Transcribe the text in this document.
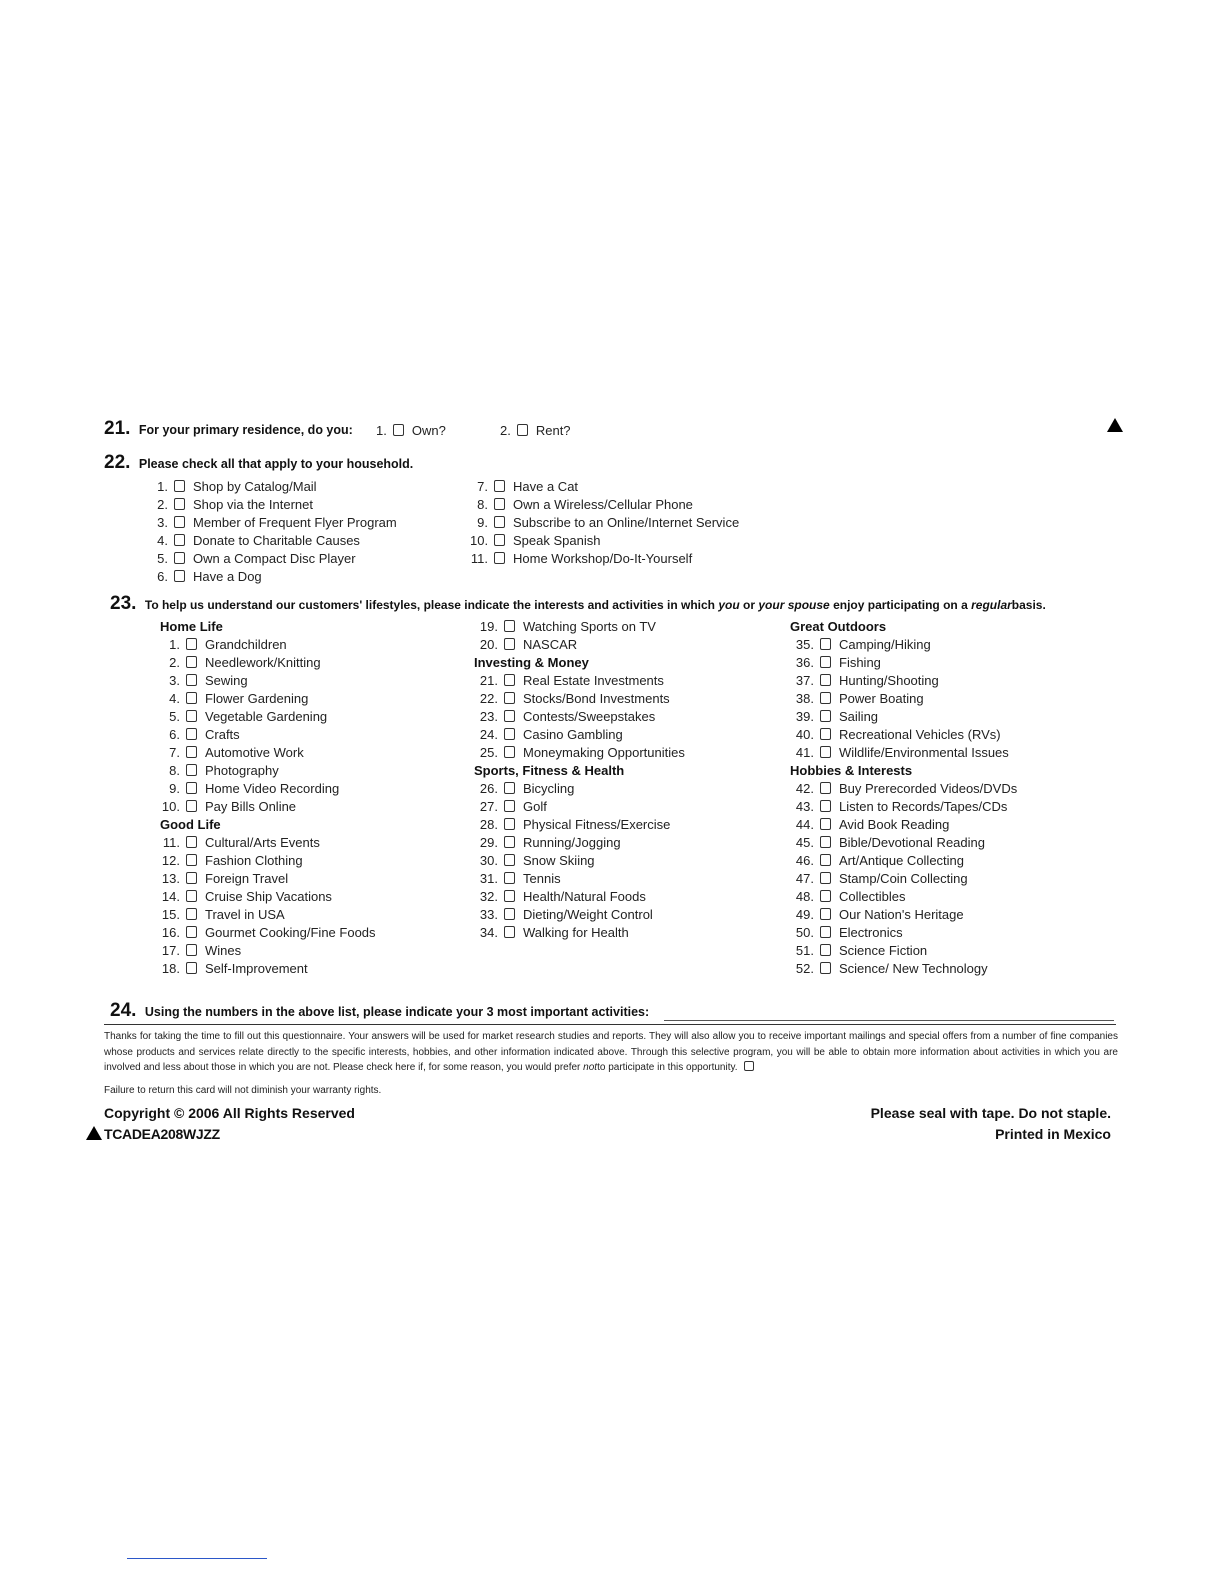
21. For your primary residence, do you: 1. Own?	2. Rent?
22. Please check all that apply to your household.
1. Shop by Catalog/Mail
2. Shop via the Internet
3. Member of Frequent Flyer Program
4. Donate to Charitable Causes
5. Own a Compact Disc Player
6. Have a Dog
7. Have a Cat
8. Own a Wireless/Cellular Phone
9. Subscribe to an Online/Internet Service
10. Speak Spanish
11. Home Workshop/Do-It-Yourself
23. To help us understand our customers' lifestyles, please indicate the interests and activities in which you or your spouse enjoy participating on a regularbasis.
Home Life
1. Grandchildren
2. Needlework/Knitting
3. Sewing
4. Flower Gardening
5. Vegetable Gardening
6. Crafts
7. Automotive Work
8. Photography
9. Home Video Recording
10. Pay Bills Online
Good Life
11. Cultural/Arts Events
12. Fashion Clothing
13. Foreign Travel
14. Cruise Ship Vacations
15. Travel in USA
16. Gourmet Cooking/Fine Foods
17. Wines
18. Self-Improvement
19. Watching Sports on TV
20. NASCAR
Investing & Money
21. Real Estate Investments
22. Stocks/Bond Investments
23. Contests/Sweepstakes
24. Casino Gambling
25. Moneymaking Opportunities
Sports, Fitness & Health
26. Bicycling
27. Golf
28. Physical Fitness/Exercise
29. Running/Jogging
30. Snow Skiing
31. Tennis
32. Health/Natural Foods
33. Dieting/Weight Control
34. Walking for Health
Great Outdoors
35. Camping/Hiking
36. Fishing
37. Hunting/Shooting
38. Power Boating
39. Sailing
40. Recreational Vehicles (RVs)
41. Wildlife/Environmental Issues
Hobbies & Interests
42. Buy Prerecorded Videos/DVDs
43. Listen to Records/Tapes/CDs
44. Avid Book Reading
45. Bible/Devotional Reading
46. Art/Antique Collecting
47. Stamp/Coin Collecting
48. Collectibles
49. Our Nation's Heritage
50. Electronics
51. Science Fiction
52. Science/ New Technology
24. Using the numbers in the above list, please indicate your 3 most important activities:
Thanks for taking the time to fill out this questionnaire. Your answers will be used for market research studies and reports. They will also allow you to receive important mailings and special offers from a number of fine companies whose products and services relate directly to the specific interests, hobbies, and other information indicated above. Through this selective program, you will be able to obtain more information about activities in which you are involved and less about those in which you are not. Please check here if, for some reason, you would prefer notto participate in this opportunity.
Failure to return this card will not diminish your warranty rights.
Copyright © 2006 All Rights Reserved
TCADEA208WJZZ
Please seal with tape. Do not staple.
Printed in Mexico
